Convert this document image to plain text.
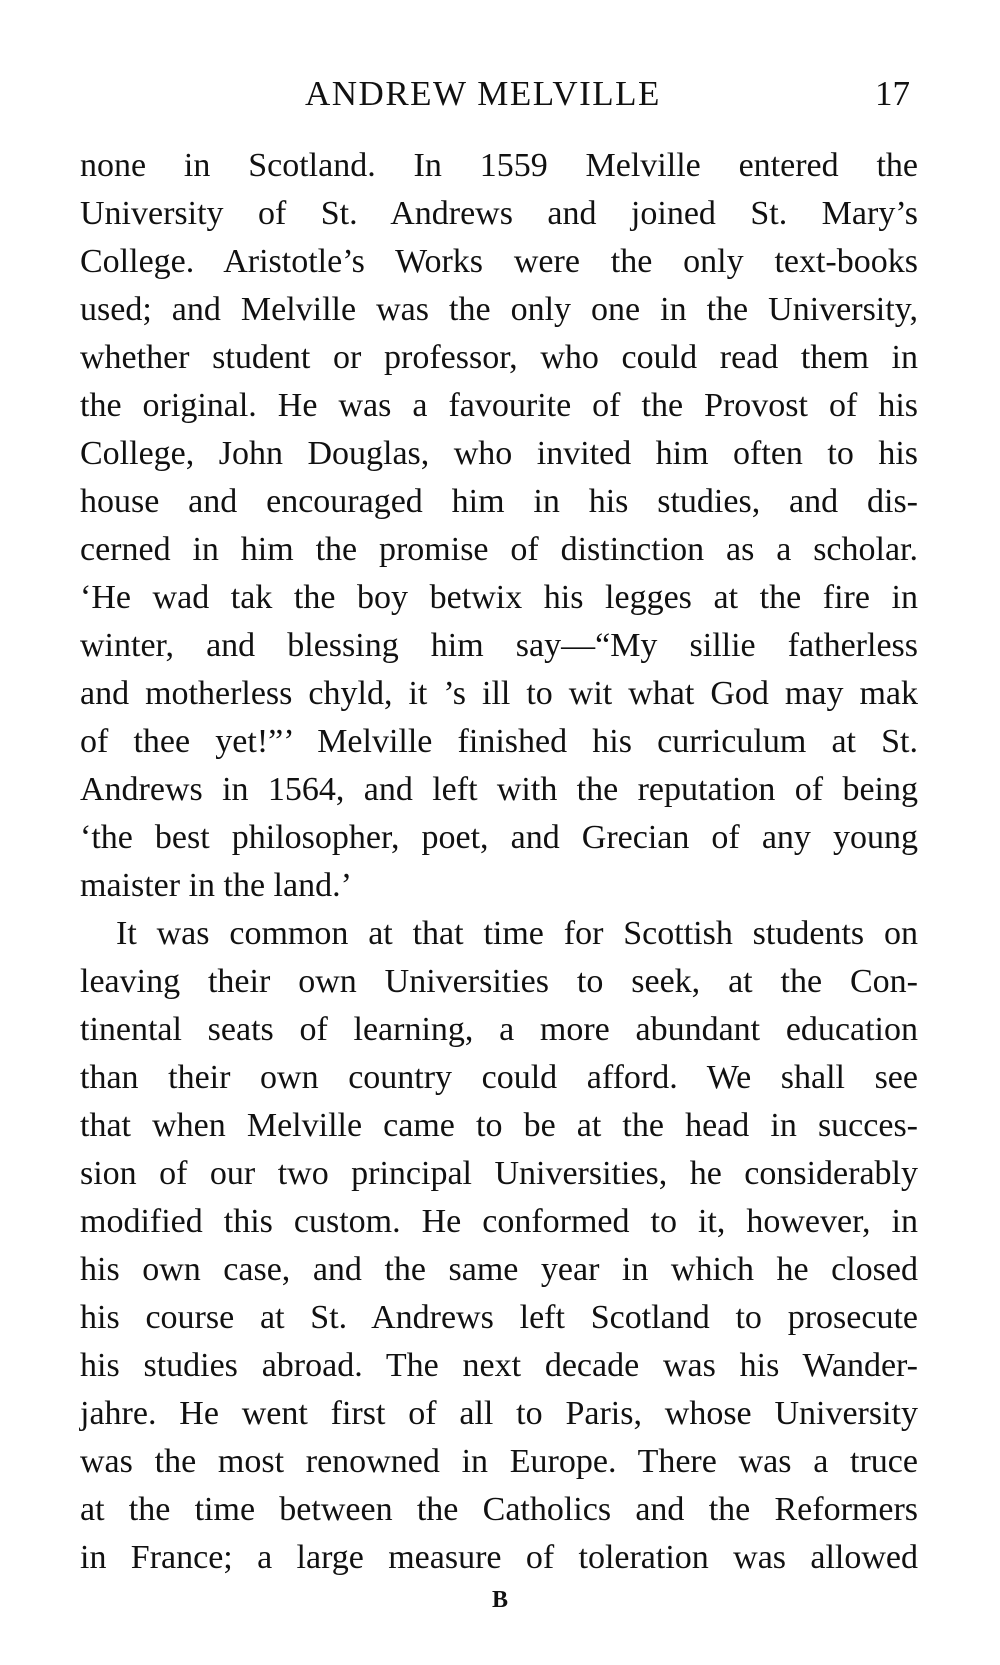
ANDREW MELVILLE	17
none in Scotland. In 1559 Melville entered the
University of St. Andrews and joined St. Mary’s
College. Aristotle’s Works were the only text-books
used; and Melville was the only one in the University,
whether student or professor, who could read them in
the original. He was a favourite of the Provost of his
College, John Douglas, who invited him often to his
house and encouraged him in his studies, and dis-
cerned in him the promise of distinction as a scholar.
‘He wad tak the boy betwix his legges at the fire in
winter, and blessing him say—“My sillie fatherless
and motherless chyld, it ’s ill to wit what God may mak
of thee yet!”’ Melville finished his curriculum at St.
Andrews in 1564, and left with the reputation of being
‘the best philosopher, poet, and Grecian of any young
maister in the land.’
It was common at that time for Scottish students on
leaving their own Universities to seek, at the Con-
tinental seats of learning, a more abundant education
than their own country could afford. We shall see
that when Melville came to be at the head in succes-
sion of our two principal Universities, he considerably
modified this custom. He conformed to it, however, in
his own case, and the same year in which he closed
his course at St. Andrews left Scotland to prosecute
his studies abroad. The next decade was his Wander-
jahre. He went first of all to Paris, whose University
was the most renowned in Europe. There was a truce
at the time between the Catholics and the Reformers
in France; a large measure of toleration was allowed
B
